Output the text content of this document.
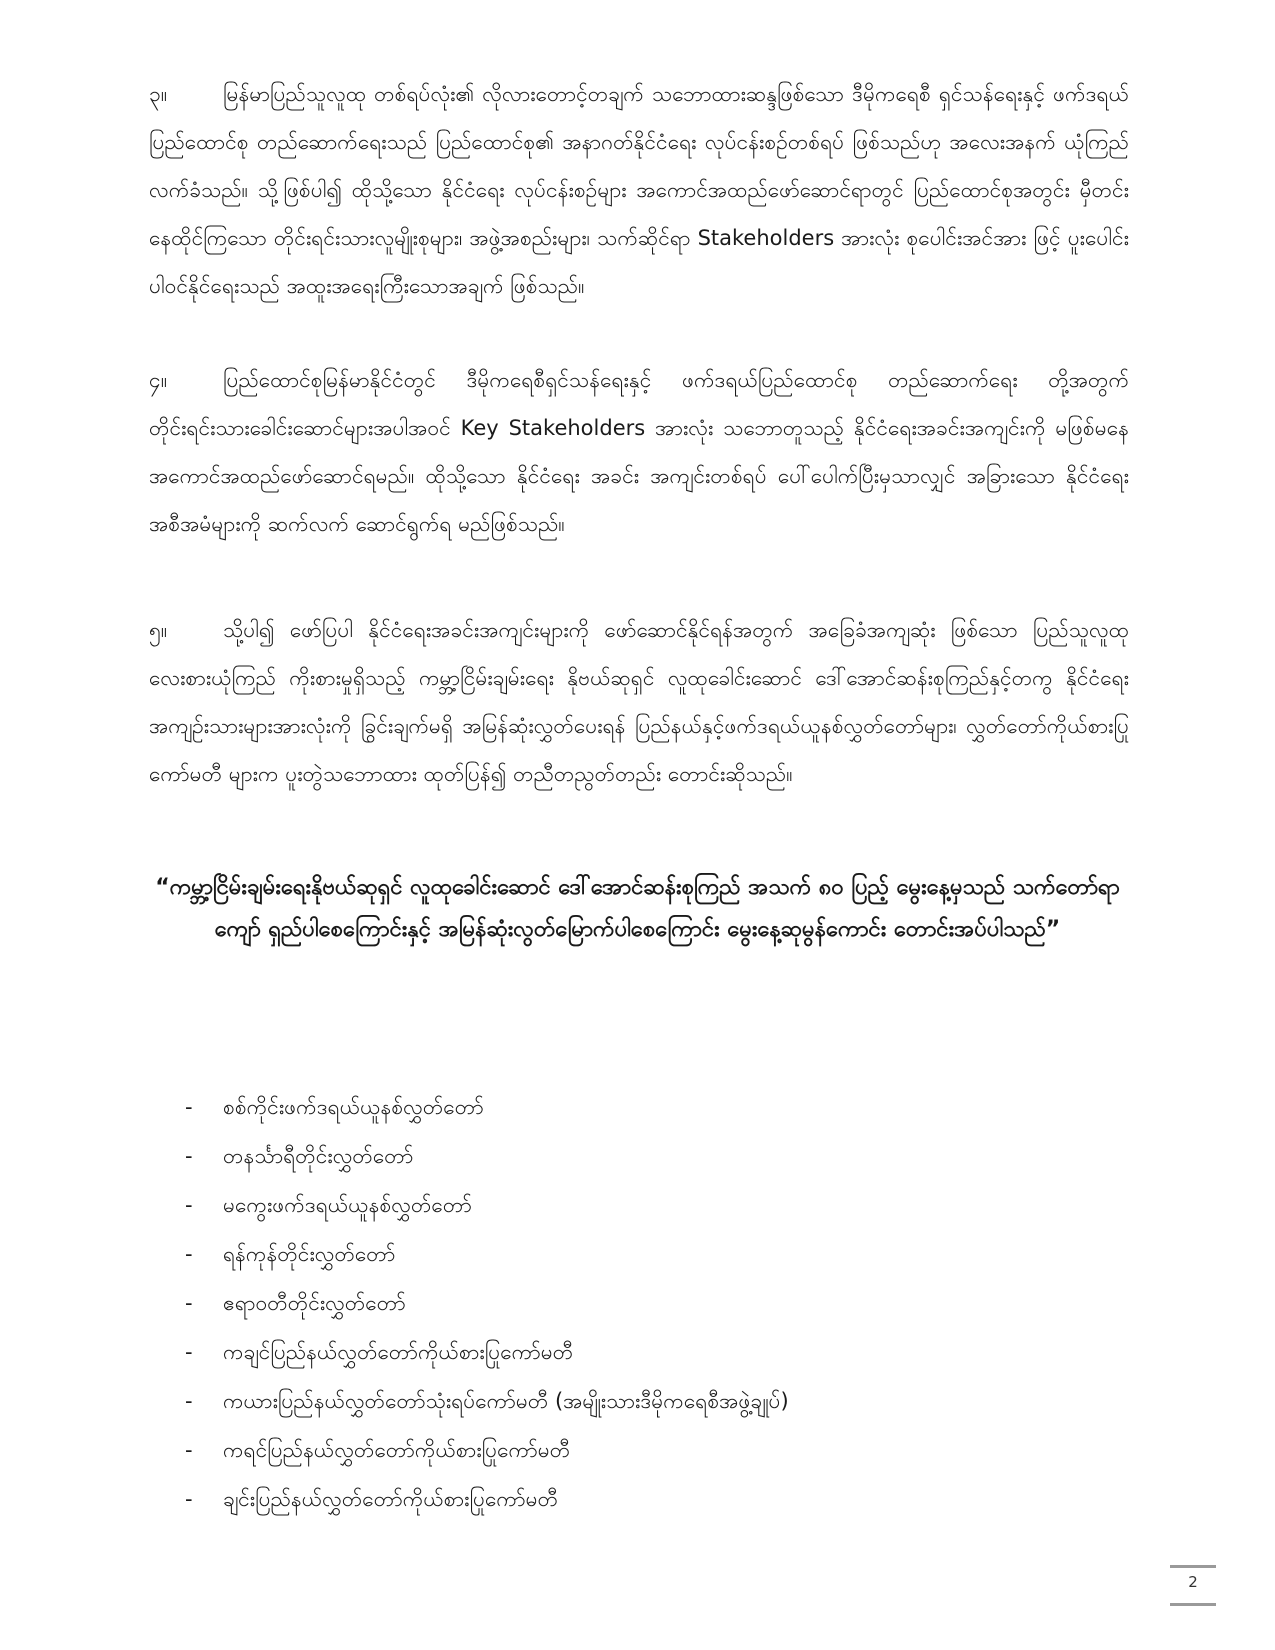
၃။	မြန်မာပြည်သူလူထု တစ်ရပ်လုံး၏ လိုလားတောင့်တချက် သဘောထားဆန္ဒဖြစ်သော ဒီမိုကရေစီ ရှင်သန်ရေးနှင့် ဖက်ဒရယ်ပြည်ထောင်စု တည်ဆောက်ရေးသည် ပြည်ထောင်စု၏ အနာဂတ်နိုင်ငံရေး လုပ်ငန်းစဉ်တစ်ရပ် ဖြစ်သည်ဟု အလေးအနက် ယုံကြည်လက်ခံသည်။ သို့ဖြစ်ပါ၍ ထိုသို့သော နိုင်ငံရေး လုပ်ငန်းစဉ်များ အကောင်အထည်ဖော်ဆောင်ရာတွင် ပြည်ထောင်စုအတွင်း မှီတင်းနေထိုင်ကြသော တိုင်းရင်းသားလူမျိုးစုများ၊ အဖွဲ့အစည်းများ၊ သက်ဆိုင်ရာ Stakeholders အားလုံး စုပေါင်းအင်အား ဖြင့် ပူးပေါင်းပါဝင်နိုင်ရေးသည် အထူးအရေးကြီးသောအချက် ဖြစ်သည်။
၄။	ပြည်ထောင်စုမြန်မာနိုင်ငံတွင် ဒီမိုကရေစီရှင်သန်ရေးနှင့် ဖက်ဒရယ်ပြည်ထောင်စု တည်ဆောက်ရေး တို့အတွက် တိုင်းရင်းသားခေါင်းဆောင်များအပါအဝင် Key Stakeholders အားလုံး သဘောတူသည့် နိုင်ငံရေးအခင်းအကျင်းကို မဖြစ်မနေ အကောင်အထည်ဖော်ဆောင်ရမည်။ ထိုသို့သော နိုင်ငံရေး အခင်း အကျင်းတစ်ရပ် ပေါ်ပေါက်ပြီးမှသာလျှင် အခြားသော နိုင်ငံရေးအစီအမံများကို ဆက်လက် ဆောင်ရွက်ရ မည်ဖြစ်သည်။
၅။	သို့ပါ၍ ဖော်ပြပါ နိုင်ငံရေးအခင်းအကျင်းများကို ဖော်ဆောင်နိုင်ရန်အတွက် အခြေခံအကျဆုံး ဖြစ်သော ပြည်သူလူထု လေးစားယုံကြည် ကိုးစားမှုရှိသည့် ကမ္ဘာ့ငြိမ်းချမ်းရေး နိုဗယ်ဆုရှင် လူထုခေါင်းဆောင် ဒေါ်အောင်ဆန်းစုကြည်နှင့်တကွ နိုင်ငံရေးအကျဉ်းသားများအားလုံးကို ခြွင်းချက်မရှိ အမြန်ဆုံးလွှတ်ပေးရန် ပြည်နယ်နှင့်ဖက်ဒရယ်ယူနစ်လွှတ်တော်များ၊ လွှတ်တော်ကိုယ်စားပြုကော်မတီ များက ပူးတွဲသဘောထား ထုတ်ပြန်၍ တညီတညွတ်တည်း တောင်းဆိုသည်။
“ကမ္ဘာ့ငြိမ်းချမ်းရေးနိုဗယ်ဆုရှင် လူထုခေါင်းဆောင် ဒေါ်အောင်ဆန်းစုကြည် အသက် ၈၀ ပြည့် မွေးနေ့မှသည် သက်တော်ရာကျော် ရှည်ပါစေကြောင်းနှင့် အမြန်ဆုံးလွတ်မြောက်ပါစေကြောင်း မွေးနေ့ဆုမွန်ကောင်း တောင်းအပ်ပါသည်”
-	စစ်ကိုင်းဖက်ဒရယ်ယူနစ်လွှတ်တော်
-	တနင်္သာရီတိုင်းလွှတ်တော်
-	မကွေးဖက်ဒရယ်ယူနစ်လွှတ်တော်
-	ရန်ကုန်တိုင်းလွှတ်တော်
-	ဧရာဝတီတိုင်းလွှတ်တော်
-	ကချင်ပြည်နယ်လွှတ်တော်ကိုယ်စားပြုကော်မတီ
-	ကယားပြည်နယ်လွှတ်တော်သုံးရပ်ကော်မတီ (အမျိုးသားဒီမိုကရေစီအဖွဲ့ချုပ်)
-	ကရင်ပြည်နယ်လွှတ်တော်ကိုယ်စားပြုကော်မတီ
-	ချင်းပြည်နယ်လွှတ်တော်ကိုယ်စားပြုကော်မတီ
2
